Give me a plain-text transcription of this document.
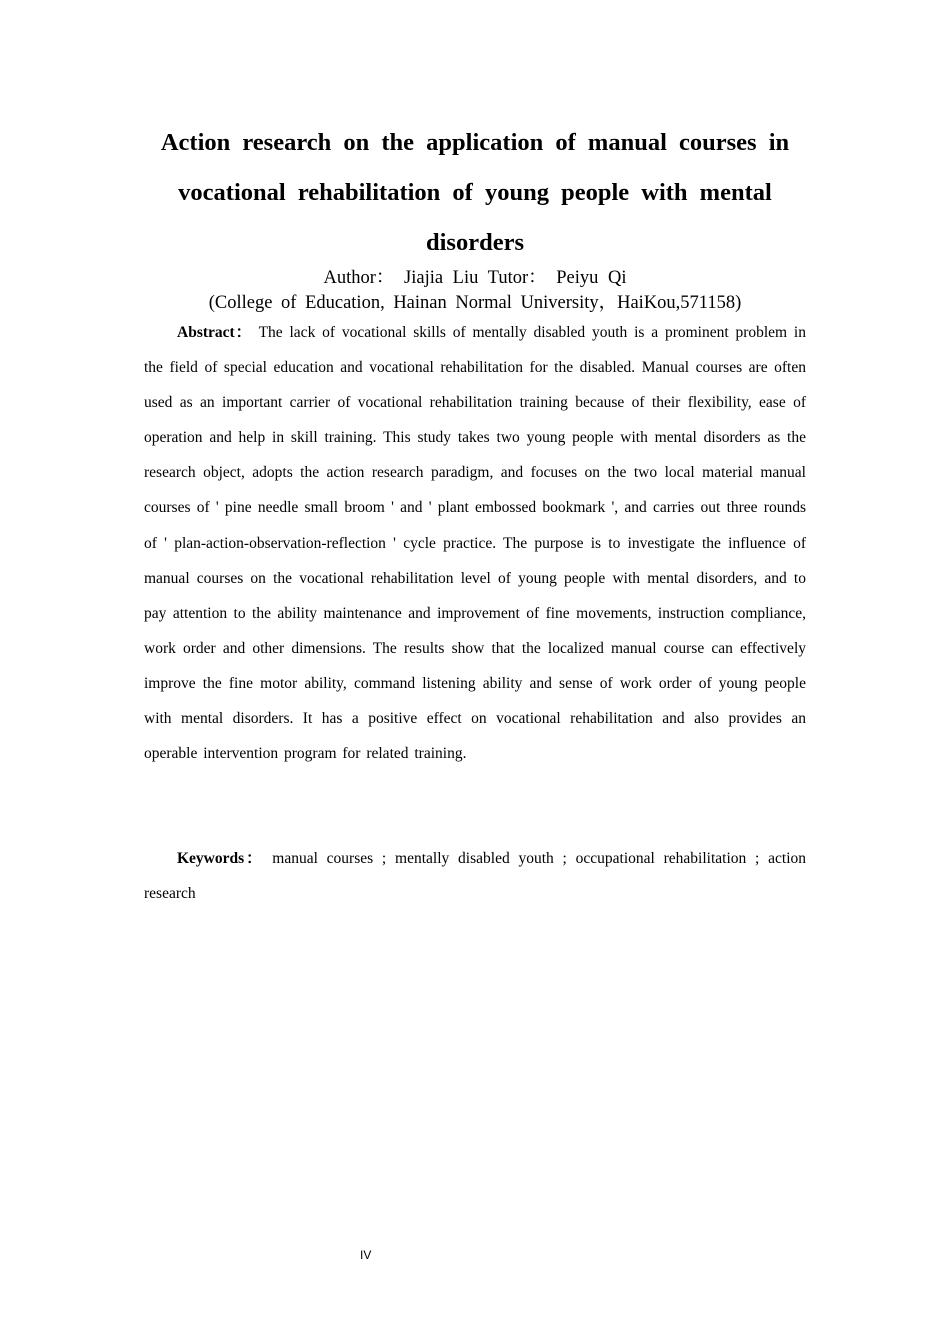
Action research on the application of manual courses in vocational rehabilitation of young people with mental disorders
Author： Jiajia Liu Tutor： Peiyu Qi
(College of Education, Hainan Normal University，HaiKou,571158)

Abstract： The lack of vocational skills of mentally disabled youth is a prominent problem in the field of special education and vocational rehabilitation for the disabled. Manual courses are often used as an important carrier of vocational rehabilitation training because of their flexibility, ease of operation and help in skill training. This study takes two young people with mental disorders as the research object, adopts the action research paradigm, and focuses on the two local material manual courses of ' pine needle small broom ' and ' plant embossed bookmark ', and carries out three rounds of ' plan-action-observation-reflection ' cycle practice. The purpose is to investigate the influence of manual courses on the vocational rehabilitation level of young people with mental disorders, and to pay attention to the ability maintenance and improvement of fine movements, instruction compliance, work order and other dimensions. The results show that the localized manual course can effectively improve the fine motor ability, command listening ability and sense of work order of young people with mental disorders. It has a positive effect on vocational rehabilitation and also provides an operable intervention program for related training.

Keywords： manual courses ; mentally disabled youth ; occupational rehabilitation ; action research

IV
